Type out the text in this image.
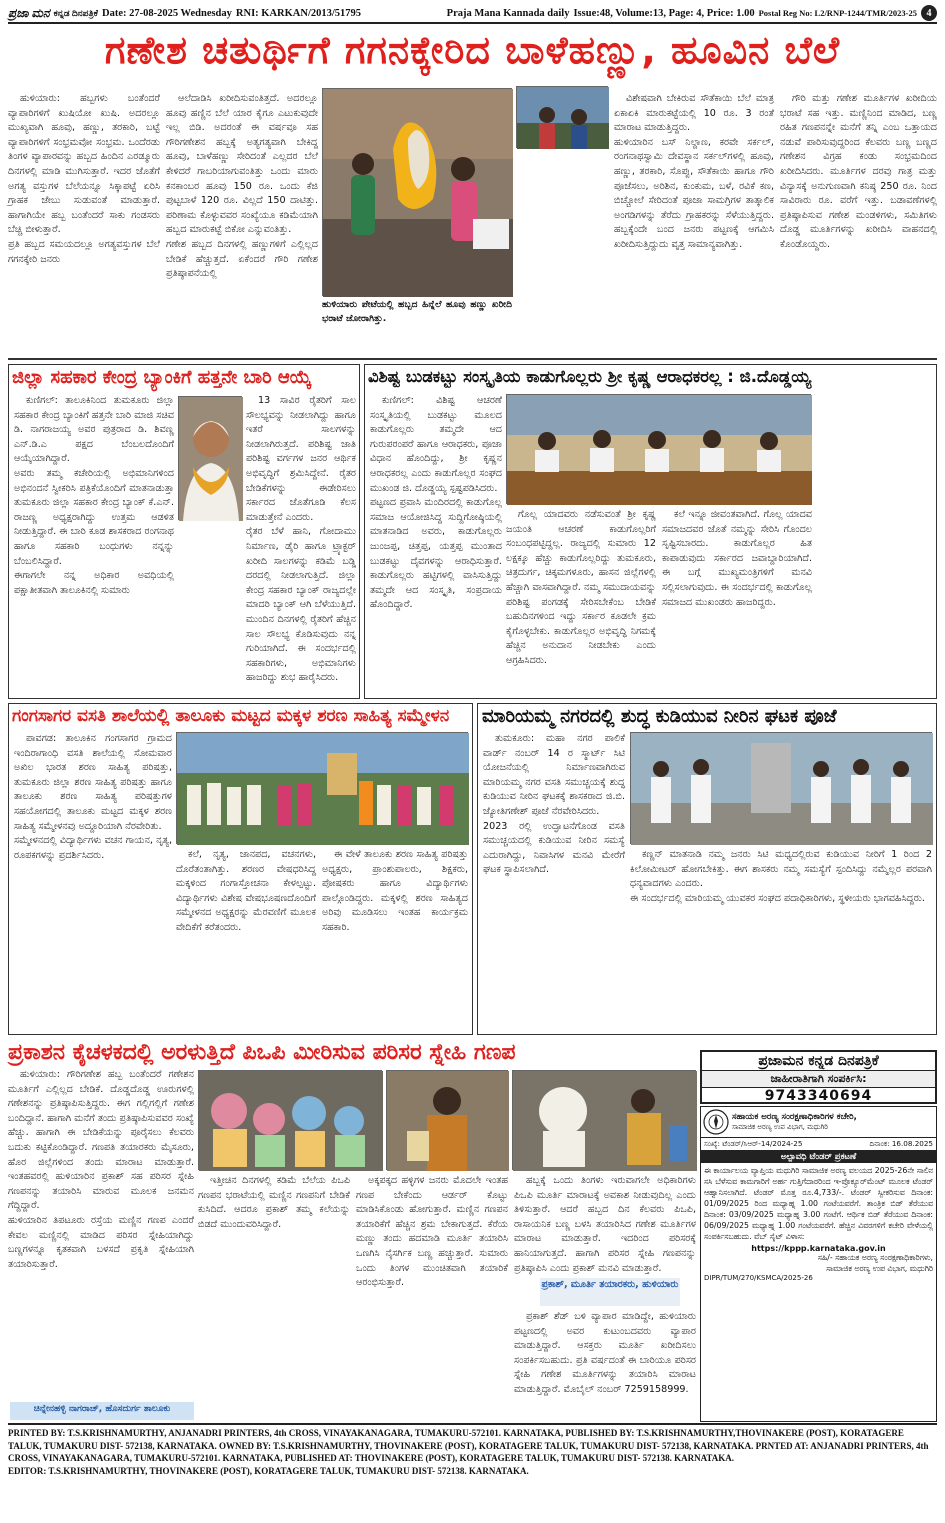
ಪ್ರಜಾ ಮನ ಕನ್ನಡ ದಿನಪತ್ರಿಕೆ Date: 27-08-2025 Wednesday RNI: KARKAN/2013/51795	Praja Mana Kannada daily Issue:48, Volume:13, Page: 4, Price: 1.00 Postal Reg No: L2/RNP-1244/TMR/2023-25 4
ಗಣೇಶ ಚತುರ್ಥಿಗೆ ಗಗನಕ್ಕೇರಿದ ಬಾಳೆಹಣ್ಣು, ಹೂವಿನ ಬೆಲೆ

ಹುಳಿಯಾರು: ಹಬ್ಬಗಳು ಬಂತೆಂದರೆ ವ್ಯಾಪಾರಿಗಳಿಗೆ ಖುಷಿಯೋ ಖುಷಿ. ಅದರಲ್ಲೂ ಮುಖ್ಯವಾಗಿ ಹೂವು, ಹಣ್ಣು, ತರಕಾರಿ, ಬಟ್ಟೆ ವ್ಯಾಪಾರಿಗಳಿಗೆ ಸಂಭ್ರಮವೋ ಸಂಭ್ರಮ. ಒಂದೆರಡು ತಿಂಗಳ ವ್ಯಾಪಾರವನ್ನು ಹಬ್ಬದ ಹಿಂದಿನ ಎರಡ್ಮೂರು ದಿನಗಳಲ್ಲಿ ಮಾಡಿ ಮುಗಿಸುತ್ತಾರೆ. ಇದರ ಜೊತೆಗೆ ಅಗತ್ಯ ವಸ್ತುಗಳ ಬೆಲೆಯನ್ನೂ ಸಿಕ್ಕಾಪಟ್ಟೆ ಏರಿಸಿ ಗ್ರಾಹಕ ಜೇಬು ಸುಡುವಂತೆ ಮಾಡುತ್ತಾರೆ. ಹಾಗಾಗಿಯೇ ಹಬ್ಬ ಬಂತೆಂದರೆ ಸಾಕು ಗಂಡಸರು ಬೆಚ್ಚಿ ಬೀಳುತ್ತಾರೆ.
ಪ್ರತಿ ಹಬ್ಬದ ಸಮಯದಲ್ಲೂ ಅಗತ್ಯವಸ್ತುಗಳ ಬೆಲೆ ಗಗನಕ್ಕೇರಿ ಜನರು

ಆಲೆದಾಡಿಸಿ ಖರೀದಿಸುವಂತಿತ್ತದೆ. ಅದರಲ್ಲೂ ಹೂವು ಹಣ್ಣಿನ ಬೆಲೆ ಯಾರ ಕೈಗೂ ಎಟುಕುವುದೇ ಇಲ್ಲ ಬಿಡಿ. ಅದರಂತೆ ಈ ವರ್ಷವೂ ಸಹ ಗೌರಿಗಣೇಶನ ಹಬ್ಬಕ್ಕೆ ಅತ್ಯಗತ್ಯವಾಗಿ ಬೇಕಿದ್ದ ಹೂವು, ಬಾಳೆಹಣ್ಣು ಸೇರಿದಂತೆ ಎಲ್ಲದರ ಬೆಲೆ ಕೇಳಿದರೆ ಗಾಬರಿಯಾಗುವಂತಿತ್ತು ಒಂದು ಮಾರು ಕನಕಾಂಬರ ಹೂವು 150 ರೂ. ಒಂದು ಕೆಜಿ ಪುಟ್ಟಬಾಳೆ 120 ರೂ. ವಿಲ್ಲದೆ 150 ದಾಟಿತ್ತು. ಪರಿಣಾಮ ಕೊಳ್ಳುವವರ ಸಂಖ್ಯೆಯೂ ಕಡಿಮೆಯಾಗಿ ಹಬ್ಬದ ಮಾರುಕಟ್ಟೆ ಬಿಕೋ ಎನ್ನುವಂತಿತ್ತು.
ಗಣೇಶ ಹಬ್ಬದ ದಿನಗಳಲ್ಲಿ ಹಣ್ಣುಗಳಿಗೆ ಎಲ್ಲಿಲ್ಲದ ಬೇಡಿಕೆ ಹೆಚ್ಚುತ್ತದೆ. ಏಕೆಂದರೆ ಗೌರಿ ಗಣೇಶ ಪ್ರತಿಷ್ಠಾಪನೆಯಲ್ಲಿ

ಹುಳಿಯಾರು ಪೇಟೆಯಲ್ಲಿ ಹಬ್ಬದ ಹಿನ್ನೆಲೆ ಹೂವು ಹಣ್ಣು ಖರೀದಿ ಭರಾಟೆ ಜೋರಾಗಿತ್ತು.

ವಿಶೇಷವಾಗಿ ಬೇಕಿರುವ ಸೌತೆಕಾಯಿ ಬೆಲೆ ಮಾತ್ರ ಏಕಾಏಕಿ ಮಾರುಕಟ್ಟೆಯಲ್ಲಿ 10 ರೂ. 3 ರಂತೆ ಮಾರಾಟ ಮಾಡುತ್ತಿದ್ದರು.
ಹುಳಿಯಾರಿನ ಬಸ್ ನಿಲ್ದಾಣ, ಕರವೇ ಸರ್ಕಲ್, ರಂಗನಾಥಸ್ವಾಮಿ ದೇವಸ್ಥಾನ ಸರ್ಕಲ್‌ಗಳಲ್ಲಿ ಹೂವು, ಹಣ್ಣು, ತರಕಾರಿ, ಸೊಪ್ಪು, ಸೌತೆಕಾಯಿ ಹಾಗೂ ಗೌರಿ ಪೂಜೆಸಲು, ಅರಿಶಿನ, ಕುಂಕುಮ, ಬಳೆ, ರವಿಕೆ ಕಣ, ಬಿಚ್ಚೋಲೆ ಸೇರಿದಂತೆ ಪೂಜಾ ಸಾಮಗ್ರಿಗಳ ತಾತ್ಕಾಲಿಕ ಅಂಗಡಿಗಳನ್ನು ತೆರೆದು ಗ್ರಾಹಕರನ್ನು ಸೆಳೆಯುತ್ತಿದ್ದರು. ಹಬ್ಬಕ್ಕೆಂದೇ ಬಂದ ಜನರು ಪಟ್ಟಣಕ್ಕೆ ಆಗಮಿಸಿ ಖರೀದಿಸುತ್ತಿದ್ದುದು ವೃತ್ತ ಸಾಮಾನ್ಯವಾಗಿತ್ತು.

ಗೌರಿ ಮತ್ತು ಗಣೇಶ ಮೂರ್ತಿಗಳ ಖರೀದಿಯ ಭರಾಟೆ ಸಹ ಇತ್ತು. ಮಣ್ಣಿನಿಂದ ಮಾಡಿದ, ಬಣ್ಣ ರಹಿತ ಗಣಪನನ್ನೇ ಮನೆಗೆ ತನ್ನಿ ಎಂಬ ಒತ್ತಾಯದ ನಡುವೆ ಪಾರಿಸುವುದ್ದರಿಂದ ಕೆಲವರು ಬಣ್ಣ ಬಣ್ಣದ ಗಣೇಶನ ವಿಗ್ರಹ ಕಂಡು ಸಂಭ್ರಮದಿಂದ ಖರೀದಿಸಿದರು. ಮೂರ್ತಿಗಳ ದರವು ಗಾತ್ರ ಮತ್ತು ವಿನ್ಯಾಸಕ್ಕೆ ಅನುಗುಣವಾಗಿ ಕನಿಷ್ಠ 250 ರೂ. ನಿಂದ ಸಾವಿರಾರು ರೂ. ವರೆಗೆ ಇತ್ತು. ಬಡಾವಣೆಗಳಲ್ಲಿ ಪ್ರತಿಷ್ಠಾಪಿಸುವ ಗಣೇಶ ಮಂಡಳಿಗಳು, ಸಮಿತಿಗಳು ದೊಡ್ಡ ಮೂರ್ತಿಗಳನ್ನು ಖರೀದಿಸಿ ವಾಹನದಲ್ಲಿ ಕೊಂಡೊಯ್ದರು.

ಜಿಲ್ಲಾ ಸಹಕಾರ ಕೇಂದ್ರ ಬ್ಯಾಂಕಿಗೆ ಹತ್ತನೇ ಬಾರಿ ಆಯ್ಕೆ

ಕುಣಿಗಲ್: ತಾಲೂಕಿನಿಂದ ತುಮಕೂರು ಜಿಲ್ಲಾ ಸಹಕಾರ ಕೇಂದ್ರ ಬ್ಯಾಂಕಿಗೆ ಹತ್ತನೇ ಬಾರಿ ಮಾಜಿ ಸಚಿವ ಡಿ. ನಾಗರಾಜಯ್ಯ ಅವರ ಪುತ್ರರಾದ ಡಿ. ಶಿವಣ್ಣ ಎನ್.ಡಿ.ಎ ಪಕ್ಷದ ಬೆಂಬಲದೊಂದಿಗೆ ಆಯ್ಕೆಯಾಗಿದ್ದಾರೆ.
ಅವರು ತಮ್ಮ ಕಚೇರಿಯಲ್ಲಿ ಅಭಿಮಾನಿಗಳಿಂದ ಅಭಿನಂದನೆ ಸ್ವೀಕರಿಸಿ ಪತ್ರಿಕೆಯೊಂದಿಗೆ ಮಾತನಾಡುತ್ತಾ ತುಮಕೂರು ಜಿಲ್ಲಾ ಸಹಕಾರ ಕೇಂದ್ರ ಬ್ಯಾಂಕ್ ಕೆ.ಎನ್. ರಾಜಣ್ಣ ಅಧ್ಯಕ್ಷರಾಗಿದ್ದು ಉತ್ತಮ ಆಡಳಿತ ನೀಡುತ್ತಿದ್ದಾರೆ. ಈ ಬಾರಿ ಕೂಡ ಶಾಸಕರಾದ ರಂಗನಾಥ ಹಾಗೂ ಸಹಕಾರಿ ಬಂಧುಗಳು ನನ್ನನ್ನು ಬೆಂಬಲಿಸಿದ್ದಾರೆ.
ಈಗಾಗಲೇ ನನ್ನ ಅಧಿಕಾರ ಅವಧಿಯಲ್ಲಿ ಪಕ್ಷಾತೀತವಾಗಿ ತಾಲೂಕಿನಲ್ಲಿ ಸುಮಾರು

13 ಸಾವಿರ ರೈತರಿಗೆ ಸಾಲ ಸೌಲಭ್ಯವನ್ನು ನೀಡಲಾಗಿದ್ದು ಹಾಗೂ ಇತರೆ ಸಾಲಗಳನ್ನು ನೀಡಲಾಗಿರುತ್ತದೆ. ಪರಿಶಿಷ್ಟ ಜಾತಿ ಪರಿಶಿಷ್ಟ ವರ್ಗಗಳ ಜನರ ಆರ್ಥಿಕ ಅಭಿವೃದ್ಧಿಗೆ ಶ್ರಮಿಸಿದ್ದೇನೆ. ರೈತರ ಬೇಡಿಕೆಗಳನ್ನು ಈಡೇರಿಸಲು ಸರ್ಕಾರದ ಜೊತೆಗೂಡಿ ಕೆಲಸ ಮಾಡುತ್ತೇನೆ ಎಂದರು.
ರೈತರ ಬೆಳೆ ಹಾನಿ, ಗೋದಾಮು ನಿರ್ಮಾಣ, ಡೈರಿ ಹಾಗೂ ಟ್ರ್ಯಾಕ್ಟರ್ ಖರೀದಿ ಸಾಲಗಳನ್ನು ಕಡಿಮೆ ಬಡ್ಡಿ ದರದಲ್ಲಿ ನೀಡಲಾಗುತ್ತಿದೆ. ಜಿಲ್ಲಾ ಕೇಂದ್ರ ಸಹಕಾರ ಬ್ಯಾಂಕ್ ರಾಜ್ಯದಲ್ಲೇ ಮಾದರಿ ಬ್ಯಾಂಕ್ ಆಗಿ ಬೆಳೆಯುತ್ತಿದೆ. ಮುಂದಿನ ದಿನಗಳಲ್ಲಿ ರೈತರಿಗೆ ಹೆಚ್ಚಿನ ಸಾಲ ಸೌಲಭ್ಯ ಕೊಡಿಸುವುದು ನನ್ನ ಗುರಿಯಾಗಿದೆ. ಈ ಸಂದರ್ಭದಲ್ಲಿ ಸಹಕಾರಿಗಳು, ಅಭಿಮಾನಿಗಳು ಹಾಜರಿದ್ದು ಶುಭ ಹಾರೈಸಿದರು.

ವಿಶಿಷ್ಟ ಬುಡಕಟ್ಟು ಸಂಸ್ಕೃತಿಯ ಕಾಡುಗೊಲ್ಲರು ಶ್ರೀ ಕೃಷ್ಣ ಆರಾಧಕರಲ್ಲ : ಜಿ.ದೊಡ್ಡಯ್ಯ

ಕುಣಿಗಲ್: ವಿಶಿಷ್ಟ ಆಚರಣೆ ಸಂಸ್ಕೃತಿಯಲ್ಲಿ ಬುಡಕಟ್ಟು ಮೂಲದ ಕಾಡುಗೊಲ್ಲರು ತಮ್ಮದೇ ಆದ ಗುರುಪರಂಪರೆ ಹಾಗೂ ಆರಾಧಕರು, ಪೂಜಾ ವಿಧಾನ ಹೊಂದಿದ್ದು, ಶ್ರೀ ಕೃಷ್ಣನ ಆರಾಧಕರಲ್ಲ ಎಂದು ಕಾಡುಗೊಲ್ಲರ ಸಂಘದ ಮುಖಂಡ ಜಿ. ದೊಡ್ಡಯ್ಯ ಸ್ಪಷ್ಟಪಡಿಸಿದರು.
ಪಟ್ಟಣದ ಪ್ರವಾಸಿ ಮಂದಿರದಲ್ಲಿ ಕಾಡುಗೊಲ್ಲ ಸಮಾಜ ಆಯೋಜಿಸಿದ್ದ ಸುದ್ದಿಗೋಷ್ಠಿಯಲ್ಲಿ ಮಾತನಾಡಿದ ಅವರು, ಕಾಡುಗೊಲ್ಲರು ಜುಂಜಪ್ಪ, ಚಿತ್ತಪ್ಪ, ಯತ್ತಪ್ಪ ಮುಂತಾದ ಬುಡಕಟ್ಟು ದೈವಗಳನ್ನು ಆರಾಧಿಸುತ್ತಾರೆ. ಕಾಡುಗೊಲ್ಲರು ಹಟ್ಟಿಗಳಲ್ಲಿ ವಾಸಿಸುತ್ತಿದ್ದು ತಮ್ಮದೇ ಆದ ಸಂಸ್ಕೃತಿ, ಸಂಪ್ರದಾಯ ಹೊಂದಿದ್ದಾರೆ.

ಗೊಲ್ಲ ಯಾದವರು ನಡೆಸುವಂತೆ ಶ್ರೀ ಕೃಷ್ಣ ಜಯಂತಿ ಆಚರಣೆ ಕಾಡುಗೊಲ್ಲರಿಗೆ ಸಂಬಂಧಪಟ್ಟಿದ್ದಲ್ಲ. ರಾಜ್ಯದಲ್ಲಿ ಸುಮಾರು 12 ಲಕ್ಷಕ್ಕೂ ಹೆಚ್ಚು ಕಾಡುಗೊಲ್ಲರಿದ್ದು ತುಮಕೂರು, ಚಿತ್ರದುರ್ಗ, ಚಿಕ್ಕಮಗಳೂರು, ಹಾಸನ ಜಿಲ್ಲೆಗಳಲ್ಲಿ ಹೆಚ್ಚಾಗಿ ವಾಸವಾಗಿದ್ದಾರೆ. ನಮ್ಮ ಸಮುದಾಯವನ್ನು ಪರಿಶಿಷ್ಟ ಪಂಗಡಕ್ಕೆ ಸೇರಿಸಬೇಕೆಂಬ ಬೇಡಿಕೆ ಬಹುದಿನಗಳಿಂದ ಇದ್ದು ಸರ್ಕಾರ ಕೂಡಲೇ ಕ್ರಮ ಕೈಗೊಳ್ಳಬೇಕು. ಕಾಡುಗೊಲ್ಲರ ಅಭಿವೃದ್ಧಿ ನಿಗಮಕ್ಕೆ ಹೆಚ್ಚಿನ ಅನುದಾನ ನೀಡಬೇಕು ಎಂದು ಆಗ್ರಹಿಸಿದರು.

ಕಲೆ ಇನ್ನೂ ಜೀವಂತವಾಗಿದೆ. ಗೊಲ್ಲ ಯಾದವ ಸಮಾಜದವರ ಜೊತೆ ನಮ್ಮನ್ನು ಸೇರಿಸಿ ಗೊಂದಲ ಸೃಷ್ಟಿಸಬಾರದು. ಕಾಡುಗೊಲ್ಲರ ಹಿತ ಕಾಪಾಡುವುದು ಸರ್ಕಾರದ ಜವಾಬ್ದಾರಿಯಾಗಿದೆ. ಈ ಬಗ್ಗೆ ಮುಖ್ಯಮಂತ್ರಿಗಳಿಗೆ ಮನವಿ ಸಲ್ಲಿಸಲಾಗುವುದು. ಈ ಸಂದರ್ಭದಲ್ಲಿ ಕಾಡುಗೊಲ್ಲ ಸಮಾಜದ ಮುಖಂಡರು ಹಾಜರಿದ್ದರು.

ಗಂಗಸಾಗರ ವಸತಿ ಶಾಲೆಯಲ್ಲಿ ತಾಲೂಕು ಮಟ್ಟದ ಮಕ್ಕಳ ಶರಣ ಸಾಹಿತ್ಯ ಸಮ್ಮೇಳನ

ಪಾವಗಡ: ತಾಲೂಕಿನ ಗಂಗಸಾಗರ ಗ್ರಾಮದ ಇಂದಿರಾಗಾಂಧಿ ವಸತಿ ಶಾಲೆಯಲ್ಲಿ ಸೋಮವಾರ ಅಖಿಲ ಭಾರತ ಶರಣ ಸಾಹಿತ್ಯ ಪರಿಷತ್ತು, ತುಮಕೂರು ಜಿಲ್ಲಾ ಶರಣ ಸಾಹಿತ್ಯ ಪರಿಷತ್ತು ಹಾಗೂ ತಾಲೂಕು ಶರಣ ಸಾಹಿತ್ಯ ಪರಿಷತ್ತುಗಳ ಸಹಯೋಗದಲ್ಲಿ ತಾಲೂಕು ಮಟ್ಟದ ಮಕ್ಕಳ ಶರಣ ಸಾಹಿತ್ಯ ಸಮ್ಮೇಳನವು ಅದ್ದೂರಿಯಾಗಿ ನೆರವೇರಿತು.
ಸಮ್ಮೇಳನದಲ್ಲಿ ವಿದ್ಯಾರ್ಥಿಗಳು ವಚನ ಗಾಯನ, ನೃತ್ಯ, ರೂಪಕಗಳನ್ನು ಪ್ರದರ್ಶಿಸಿದರು.	ಕಲೆ, ನೃತ್ಯ, ಜಾನಪದ, ವಚನಗಳು, ದೊರೆತಂತಾಗಿತ್ತು. ಶರಣರ ವೇಷಧರಿಸಿದ್ದ ಮಕ್ಕಳಿಂದ ಗಂಗಾಸ್ತೋಚನಾ ಕೇಳಲ್ಪಟ್ಟು. ವಿದ್ಯಾರ್ಥಿಗಳು ವಿಶೇಷ ವೇಷಭೂಷಣದೊಂದಿಗೆ ಸಮ್ಮೇಳನದ ಅಧ್ಯಕ್ಷರನ್ನು ಮೆರವಣಿಗೆ ಮೂಲಕ ವೇದಿಕೆಗೆ ಕರೆತಂದರು.

ಈ ವೇಳೆ ತಾಲೂಕು ಶರಣ ಸಾಹಿತ್ಯ ಪರಿಷತ್ತು ಅಧ್ಯಕ್ಷರು, ಪ್ರಾಂಶುಪಾಲರು, ಶಿಕ್ಷಕರು, ಪೋಷಕರು ಹಾಗೂ ವಿದ್ಯಾರ್ಥಿಗಳು ಪಾಲ್ಗೊಂಡಿದ್ದರು. ಮಕ್ಕಳಲ್ಲಿ ಶರಣ ಸಾಹಿತ್ಯದ ಅರಿವು ಮೂಡಿಸಲು ಇಂತಹ ಕಾರ್ಯಕ್ರಮ ಸಹಕಾರಿ.

ಮಾರಿಯಮ್ಮ ನಗರದಲ್ಲಿ ಶುದ್ಧ ಕುಡಿಯುವ ನೀರಿನ ಘಟಕ ಪೂಜೆ

ತುಮಕೂರು: ಮಹಾ ನಗರ ಪಾಲಿಕೆ ವಾರ್ಡ್ ನಂಬರ್ 14 ರ ಸ್ಮಾರ್ಟ್ ಸಿಟಿ ಯೋಜನೆಯಲ್ಲಿ ನಿರ್ಮಾಣವಾಗಿರುವ ಮಾರಿಯಮ್ಮ ನಗರ ವಸತಿ ಸಮುಚ್ಚಯಕ್ಕೆ ಶುದ್ಧ ಕುಡಿಯುವ ನೀರಿನ ಘಟಕಕ್ಕೆ ಶಾಸಕರಾದ ಜಿ.ಬಿ. ಜ್ಯೋತಿಗಣೇಶ್ ಪೂಜೆ ನೆರವೇರಿಸಿದರು.
2023 ರಲ್ಲಿ ಉದ್ಘಾಟನೆಗೊಂಡ ವಸತಿ ಸಮುಚ್ಚಯದಲ್ಲಿ ಕುಡಿಯುವ ನೀರಿನ ಸಮಸ್ಯೆ ಎದುರಾಗಿದ್ದು, ನಿವಾಸಿಗಳ ಮನವಿ ಮೇರೆಗೆ ಘಟಕ ಸ್ಥಾಪಿಸಲಾಗಿದೆ.

ಕಣ್ಣನ್ ಮಾತನಾಡಿ ನಮ್ಮ ಜನರು ಸಿಟಿ ಮಧ್ಯದಲ್ಲಿರುವ ಕುಡಿಯುವ ನೀರಿಗೆ 1 ರಿಂದ 2 ಕಿಲೋಮೀಟರ್ ಹೋಗಬೇಕಿತ್ತು. ಈಗ ಶಾಸಕರು ನಮ್ಮ ಸಮಸ್ಯೆಗೆ ಸ್ಪಂದಿಸಿದ್ದು ನಮ್ಮೆಲ್ಲರ ಪರವಾಗಿ ಧನ್ಯವಾದಗಳು ಎಂದರು.
ಈ ಸಂದರ್ಭದಲ್ಲಿ ಮಾರಿಯಮ್ಮ ಯುವಕರ ಸಂಘದ ಪದಾಧಿಕಾರಿಗಳು, ಸ್ಥಳೀಯರು ಭಾಗವಹಿಸಿದ್ದರು.

ಪ್ರಕಾಶನ ಕೈಚಳಕದಲ್ಲಿ ಅರಳುತ್ತಿದೆ ಪಿಒಪಿ ಮೀರಿಸುವ ಪರಿಸರ ಸ್ನೇಹಿ ಗಣಪ

ಹುಳಿಯಾರು: ಗೌರಿಗಣೇಶ ಹಬ್ಬ ಬಂತೆಂದರೆ ಗಣೇಶನ ಮೂರ್ತಿಗೆ ಎಲ್ಲಿಲ್ಲದ ಬೇಡಿಕೆ. ದೊಡ್ಡದೊಡ್ಡ ಊರುಗಳಲ್ಲಿ ಗಣೇಶನನ್ನು ಪ್ರತಿಷ್ಠಾಪಿಸುತ್ತಿದ್ದರು. ಈಗ ಗಲ್ಲಿಗಲ್ಲಿಗೆ ಗಣೇಶ ಬಂದಿದ್ದಾನೆ. ಹಾಗಾಗಿ ಮನೆಗೆ ತಂದು ಪ್ರತಿಷ್ಠಾಪಿಸುವವರ ಸಂಖ್ಯೆ ಹೆಚ್ಚು. ಹಾಗಾಗಿ ಈ ಬೇಡಿಕೆಯನ್ನು ಪೂರೈಸಲು ಕೆಲವರು ಬದುಕು ಕಟ್ಟಿಕೊಂಡಿದ್ದಾರೆ. ಗಣಪತಿ ತಯಾರಕರು ಮೈಸೂರು, ಹೊರ ಜಿಲ್ಲೆಗಳಿಂದ ತಂದು ಮಾರಾಟ ಮಾಡುತ್ತಾರೆ. ಇಂತಹವರಲ್ಲಿ ಹುಳಿಯಾರಿನ ಪ್ರಕಾಶ್ ಸಹ ಪರಿಸರ ಸ್ನೇಹಿ ಗಣಪನನ್ನು ತಯಾರಿಸಿ ಮಾರುವ ಮೂಲಕ ಜನಮನ ಗೆದ್ದಿದ್ದಾರೆ.
ಹುಳಿಯಾರಿನ ತಿಪಟೂರು ರಸ್ತೆಯ ಮಣ್ಣಿನ ಗಣಪ ಎಂದರೆ ಕೇವಲ ಮಣ್ಣಿನಲ್ಲಿ ಮಾಡಿದ ಪರಿಸರ ಸ್ನೇಹಿಯಾಗಿದ್ದು ಬಣ್ಣಗಳನ್ನೂ ಕೃತಕವಾಗಿ ಬಳಸದೆ ಪ್ರಕೃತಿ ಸ್ನೇಹಿಯಾಗಿ ತಯಾರಿಸುತ್ತಾರೆ.

ಚಿನ್ನೇನಹಳ್ಳಿ ನಾಗರಾಜ್, ಹೊಸದುರ್ಗ ತಾಲೂಕು

ಇತ್ತೀಚಿನ ದಿನಗಳಲ್ಲಿ ಕಡಿಮೆ ಬೆಲೆಯ ಪಿಒಪಿ ಗಣಪನ ಭರಾಟೆಯಲ್ಲಿ ಮಣ್ಣಿನ ಗಣಪನಿಗೆ ಬೇಡಿಕೆ ಕುಸಿದಿದೆ. ಆದರೂ ಪ್ರಕಾಶ್ ತಮ್ಮ ಕಲೆಯನ್ನು ಬಿಡದೆ ಮುಂದುವರಿಸಿದ್ದಾರೆ.

ಅಕ್ಕಪಕ್ಕದ ಹಳ್ಳಿಗಳ ಜನರು ಮೊದಲೇ ಇಂತಹ ಗಣಪ ಬೇಕೆಂದು ಆರ್ಡರ್ ಕೊಟ್ಟು ಮಾಡಿಸಿಕೊಂಡು ಹೋಗುತ್ತಾರೆ. ಮಣ್ಣಿನ ಗಣಪನ ತಯಾರಿಕೆಗೆ ಹೆಚ್ಚಿನ ಶ್ರಮ ಬೇಕಾಗುತ್ತದೆ. ಕೆರೆಯ ಮಣ್ಣು ತಂದು ಹದಮಾಡಿ ಮೂರ್ತಿ ತಯಾರಿಸಿ ಒಣಗಿಸಿ ನೈಸರ್ಗಿಕ ಬಣ್ಣ ಹಚ್ಚುತ್ತಾರೆ. ಸುಮಾರು ಒಂದು ತಿಂಗಳ ಮುಂಚಿತವಾಗಿ ತಯಾರಿಕೆ ಆರಂಭಿಸುತ್ತಾರೆ.

ಹಬ್ಬಕ್ಕೆ ಒಂದು ತಿಂಗಳು ಇರುವಾಗಲೇ ಅಧಿಕಾರಿಗಳು ಪಿಒಪಿ ಮೂರ್ತಿ ಮಾರಾಟಕ್ಕೆ ಅವಕಾಶ ನೀಡುವುದಿಲ್ಲ ಎಂದು ತಿಳಿಸುತ್ತಾರೆ. ಆದರೆ ಹಬ್ಬದ ದಿನ ಕೆಲವರು ಪಿಒಪಿ, ರಾಸಾಯನಿಕ ಬಣ್ಣ ಬಳಸಿ ತಯಾರಿಸಿದ ಗಣೇಶ ಮೂರ್ತಿಗಳ ಮಾರಾಟ ಮಾಡುತ್ತಾರೆ. ಇದರಿಂದ ಪರಿಸರಕ್ಕೆ ಹಾನಿಯಾಗುತ್ತದೆ. ಹಾಗಾಗಿ ಪರಿಸರ ಸ್ನೇಹಿ ಗಣಪನನ್ನು ಪ್ರತಿಷ್ಠಾಪಿಸಿ ಎಂದು ಪ್ರಕಾಶ್ ಮನವಿ ಮಾಡುತ್ತಾರೆ.

ಪ್ರಕಾಶ್, ಮೂರ್ತಿ ತಯಾರಕರು, ಹುಳಿಯಾರು

ಪ್ರಕಾಶ್ ಶೆಡ್ ಬಳಿ ವ್ಯಾಪಾರ ಮಾಡಿದ್ದೇ, ಹುಳಿಯಾರು ಪಟ್ಟಣದಲ್ಲಿ ಅವರ ಕುಟುಂಬದವರು ವ್ಯಾಪಾರ ಮಾಡುತ್ತಿದ್ದಾರೆ. ಆಸಕ್ತರು ಮೂರ್ತಿ ಖರೀದಿಸಲು ಸಂಪರ್ಕಿಸಬಹುದು. ಪ್ರತಿ ವರ್ಷದಂತೆ ಈ ಬಾರಿಯೂ ಪರಿಸರ ಸ್ನೇಹಿ ಗಣೇಶ ಮೂರ್ತಿಗಳನ್ನು ತಯಾರಿಸಿ ಮಾರಾಟ ಮಾಡುತ್ತಿದ್ದಾರೆ. ಮೊಬೈಲ್ ನಂಬರ್ 7259158999.

ಪ್ರಜಾಮನ ಕನ್ನಡ ದಿನಪತ್ರಿಕೆ
ಜಾಹೀರಾತಿಗಾಗಿ ಸಂಪರ್ಕಿಸಿ:
9743340694
ಸಹಾಯಕ ಅರಣ್ಯ ಸಂರಕ್ಷಣಾಧಿಕಾರಿಗಳ ಕಚೇರಿ,
ಸಾಮಾಜಿಕ ಅರಣ್ಯ ಉಪ ವಿಭಾಗ, ಮಧುಗಿರಿ
ಸಂಖ್ಯೆ: ಟೆಂಡರ್/ಸಿಆರ್-14/2024-25	ದಿನಾಂಕ: 16.08.2025
ಅಲ್ಪಾವಧಿ ಟೆಂಡರ್ ಪ್ರಕಟಣೆ
ಈ ಕಾರ್ಯಾಲಯ ವ್ಯಾಪ್ತಿಯ ಮಧುಗಿರಿ ಸಾಮಾಜಿಕ ಅರಣ್ಯ ವಲಯದ 2025-26ನೇ ಸಾಲಿನ ಸಸಿ ಬೆಳೆಸುವ ಕಾಮಗಾರಿಗೆ ಅರ್ಹ ಗುತ್ತಿಗೆದಾರರಿಂದ ಇ-ಪ್ರೊಕ್ಯೂರ್‌ಮೆಂಟ್ ಮೂಲಕ ಟೆಂಡರ್ ಆಹ್ವಾನಿಸಲಾಗಿದೆ. ಟೆಂಡರ್ ಮೊತ್ತ ರೂ.4,733/-. ಟೆಂಡರ್ ಸ್ವೀಕರಿಸುವ ದಿನಾಂಕ: 01/09/2025 ರಿಂದ ಮಧ್ಯಾಹ್ನ 1.00 ಗಂಟೆಯವರೆಗೆ. ತಾಂತ್ರಿಕ ಬಿಡ್ ತೆರೆಯುವ ದಿನಾಂಕ: 03/09/2025 ಮಧ್ಯಾಹ್ನ 3.00 ಗಂಟೆಗೆ. ಆರ್ಥಿಕ ಬಿಡ್ ತೆರೆಯುವ ದಿನಾಂಕ: 06/09/2025 ಮಧ್ಯಾಹ್ನ 1.00 ಗಂಟೆಯವರೆಗೆ. ಹೆಚ್ಚಿನ ವಿವರಗಳಿಗೆ ಕಚೇರಿ ವೇಳೆಯಲ್ಲಿ ಸಂಪರ್ಕಿಸಬಹುದು. ವೆಬ್ ಸೈಟ್ ವಿಳಾಸ:
https://kppp.karnataka.gov.in
ಸಹಿ/- ಸಹಾಯಕ ಅರಣ್ಯ ಸಂರಕ್ಷಣಾಧಿಕಾರಿಗಳು,
ಸಾಮಾಜಿಕ ಅರಣ್ಯ ಉಪ ವಿಭಾಗ, ಮಧುಗಿರಿ
DIPR/TUM/270/KSMCA/2025-26
PRINTED BY: T.S.KRISHNAMURTHY, ANJANADRI PRINTERS, 4th CROSS, VINAYAKANAGARA, TUMAKURU-572101. KARNATAKA, PUBLISHED BY: T.S.KRISHNAMURTHY,THOVINAKERE (POST), KORATAGERE TALUK, TUMAKURU DIST- 572138, KARNATAKA. OWNED BY: T.S.KRISHNAMURTHY, THOVINAKERE (POST), KORATAGERE TALUK, TUMAKURU DIST- 572138, KARNATAKA. PRNTED AT: ANJANADRI PRINTERS, 4th CROSS, VINAYAKANAGARA, TUMAKURU-572101. KARNATAKA, PUBLISHED AT: THOVINAKERE (POST), KORATAGERE TALUK, TUMAKURU DIST- 572138. KARNATAKA.
EDITOR: T.S.KRISHNAMURTHY, THOVINAKERE (POST), KORATAGERE TALUK, TUMAKURU DIST- 572138. KARNATAKA.
